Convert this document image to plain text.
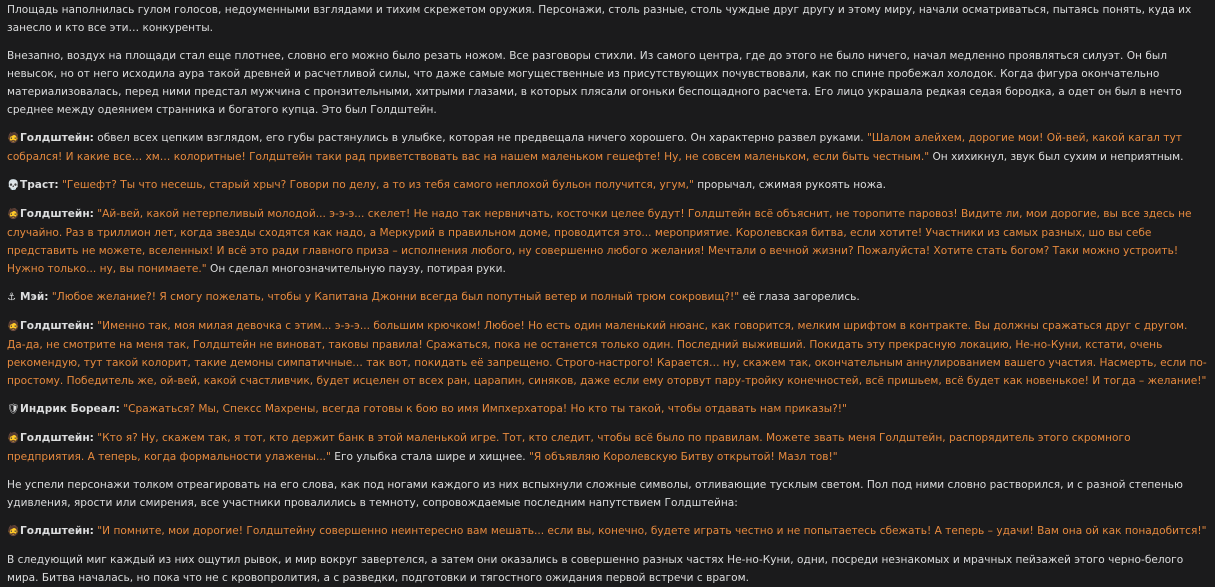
Площадь наполнилась гулом голосов, недоуменными взглядами и тихим скрежетом оружия. Персонажи, столь разные, столь чуждые друг другу и этому миру, начали осматриваться, пытаясь понять, куда их занесло и кто все эти… конкуренты.
Внезапно, воздух на площади стал еще плотнее, словно его можно было резать ножом. Все разговоры стихли. Из самого центра, где до этого не было ничего, начал медленно проявляться силуэт. Он был невысок, но от него исходила аура такой древней и расчетливой силы, что даже самые могущественные из присутствующих почувствовали, как по спине пробежал холодок. Когда фигура окончательно материализовалась, перед ними предстал мужчина с пронзительными, хитрыми глазами, в которых плясали огоньки беспощадного расчета. Его лицо украшала редкая седая бородка, а одет он был в нечто среднее между одеянием странника и богатого купца. Это был Голдштейн.
🧔Голдштейн: обвел всех цепким взглядом, его губы растянулись в улыбке, которая не предвещала ничего хорошего. Он характерно развел руками. "Шалом алейхем, дорогие мои! Ой-вей, какой кагал тут собрался! И какие все… хм… колоритные! Голдштейн таки рад приветствовать вас на нашем маленьком гешефте! Ну, не совсем маленьком, если быть честным." Он хихикнул, звук был сухим и неприятным.
💀Траст: "Гешефт? Ты что несешь, старый хрыч? Говори по делу, а то из тебя самого неплохой бульон получится, угум," прорычал, сжимая рукоять ножа.
🧔Голдштейн: "Ай-вей, какой нетерпеливый молодой... э-э-э... скелет! Не надо так нервничать, косточки целее будут! Голдштейн всё объяснит, не торопите паровоз! Видите ли, мои дорогие, вы все здесь не случайно. Раз в триллион лет, когда звезды сходятся как надо, а Меркурий в правильном доме, проводится это... мероприятие. Королевская битва, если хотите! Участники из самых разных, шо вы себе представить не можете, вселенных! И всё это ради главного приза – исполнения любого, ну совершенно любого желания! Мечтали о вечной жизни? Пожалуйста! Хотите стать богом? Таки можно устроить! Нужно только... ну, вы понимаете." Он сделал многозначительную паузу, потирая руки.
⚓ Мэй: "Любое желание?! Я смогу пожелать, чтобы у Капитана Джонни всегда был попутный ветер и полный трюм сокровищ?!" её глаза загорелись.
🧔Голдштейн: "Именно так, моя милая девочка с этим... э-э-э... большим крючком! Любое! Но есть один маленький нюанс, как говорится, мелким шрифтом в контракте. Вы должны сражаться друг с другом. Да-да, не смотрите на меня так, Голдштейн не виноват, таковы правила! Сражаться, пока не останется только один. Последний выживший. Покидать эту прекрасную локацию, Не-но-Куни, кстати, очень рекомендую, тут такой колорит, такие демоны симпатичные… так вот, покидать её запрещено. Строго-настрого! Карается… ну, скажем так, окончательным аннулированием вашего участия. Насмерть, если по-простому. Победитель же, ой-вей, какой счастливчик, будет исцелен от всех ран, царапин, синяков, даже если ему оторвут пару-тройку конечностей, всё пришьем, всё будет как новенькое! И тогда – желание!"
🛡Индрик Бореал: "Сражаться? Мы, Спексс Махрены, всегда готовы к бою во имя Импхерхатора! Но кто ты такой, чтобы отдавать нам приказы?!"
🧔Голдштейн: "Кто я? Ну, скажем так, я тот, кто держит банк в этой маленькой игре. Тот, кто следит, чтобы всё было по правилам. Можете звать меня Голдштейн, распорядитель этого скромного предприятия. А теперь, когда формальности улажены..." Его улыбка стала шире и хищнее. "Я объявляю Королевскую Битву открытой! Мазл тов!"
Не успели персонажи толком отреагировать на его слова, как под ногами каждого из них вспыхнули сложные символы, отливающие тусклым светом. Пол под ними словно растворился, и с разной степенью удивления, ярости или смирения, все участники провалились в темноту, сопровождаемые последним напутствием Голдштейна:
🧔Голдштейн: "И помните, мои дорогие! Голдштейну совершенно неинтересно вам мешать... если вы, конечно, будете играть честно и не попытаетесь сбежать! А теперь – удачи! Вам она ой как понадобится!"
В следующий миг каждый из них ощутил рывок, и мир вокруг завертелся, а затем они оказались в совершенно разных частях Не-но-Куни, одни, посреди незнакомых и мрачных пейзажей этого черно-белого мира. Битва началась, но пока что не с кровопролития, а с разведки, подготовки и тягостного ожидания первой встречи с врагом.
